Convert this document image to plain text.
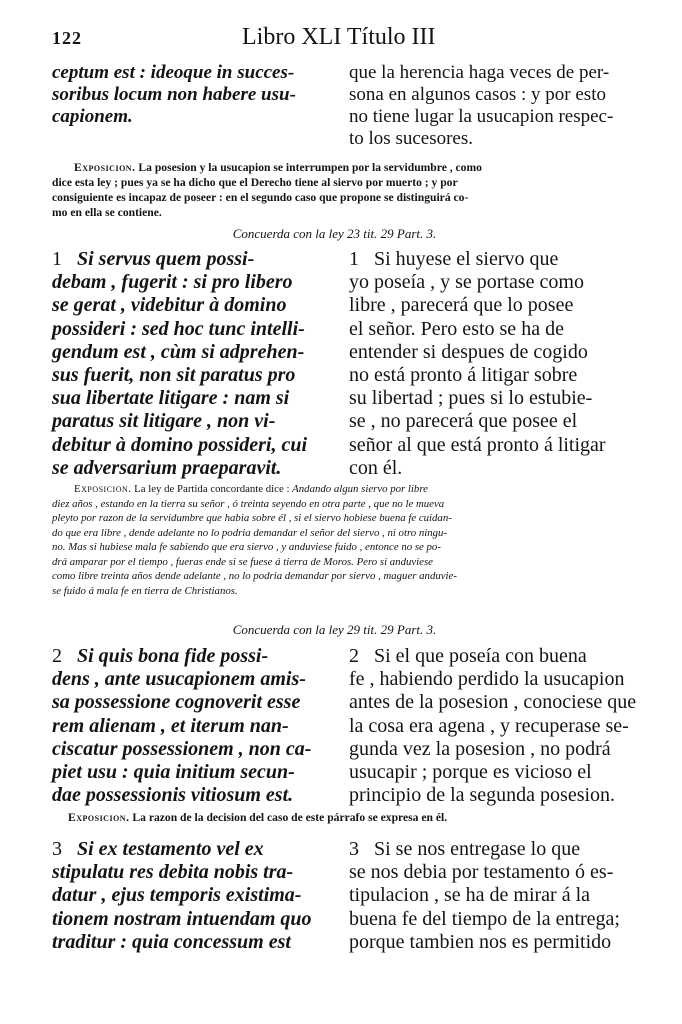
122	Libro XLI Título III
ceptum est : ideoque in succes-
soribus locum non habere usu-
capionem.
que la herencia haga veces de per-
sona en algunos casos : y por esto
no tiene lugar la usucapion respec-
to los sucesores.
Exposicion. La posesion y la usucapion se interrumpen por la servidumbre , como
dice esta ley ; pues ya se ha dicho que el Derecho tiene al siervo por muerto ; y por
consiguiente es incapaz de poseer : en el segundo caso que propone se distinguirá co-
mo en ella se contiene.
Concuerda con la ley 23 tit. 29 Part. 3.
1 Si servus quem possi-
debam , fugerit : si pro libero
se gerat , videbitur à domino
possideri : sed hoc tunc intelli-
gendum est , cùm si adprehen-
sus fuerit, non sit paratus pro
sua libertate litigare : nam si
paratus sit litigare , non vi-
debitur à domino possideri, cui
se adversarium praeparavit.
1 Si huyese el siervo que
yo poseía , y se portase como
libre , parecerá que lo posee
el señor. Pero esto se ha de
entender si despues de cogido
no está pronto á litigar sobre
su libertad ; pues si lo estubie-
se , no parecerá que posee el
señor al que está pronto á litigar
con él.
Exposicion. La ley de Partida concordante dice : Andando algun siervo por libre
diez años , estando en la tierra su señor , ó treinta seyendo en otra parte , que no le mueva
pleyto por razon de la servidumbre que habia sobre él , si el siervo hobiese buena fe cuidan-
do que era libre , dende adelante no lo podria demandar el señor del siervo , ni otro ningu-
no. Mas si hubiese mala fe sabiendo que era siervo , y anduviese fuido , entonce no se po-
drá amparar por el tiempo , fueras ende si se fuese á tierra de Moros. Pero si anduviese
como libre treinta años dende adelante , no lo podria demandar por siervo , maguer anduvie-
se fuido á mala fe en tierra de Christianos.
Concuerda con la ley 29 tit. 29 Part. 3.
2 Si quis bona fide possi-
dens , ante usucapionem amis-
sa possessione cognoverit esse
rem alienam , et iterum nan-
ciscatur possessionem , non ca-
piet usu : quia initium secun-
dae possessionis vitiosum est.
2 Si el que poseía con buena
fe , habiendo perdido la usucapion
antes de la posesion , conociese que
la cosa era agena , y recuperase se-
gunda vez la posesion , no podrá
usucapir ; porque es vicioso el
principio de la segunda posesion.
Exposicion. La razon de la decision del caso de este párrafo se expresa en él.
3 Si ex testamento vel ex
stipulatu res debita nobis tra-
datur , ejus temporis existima-
tionem nostram intuendam quo
traditur : quia concessum est
3 Si se nos entregase lo que
se nos debia por testamento ó es-
tipulacion , se ha de mirar á la
buena fe del tiempo de la entrega;
porque tambien nos es permitido
